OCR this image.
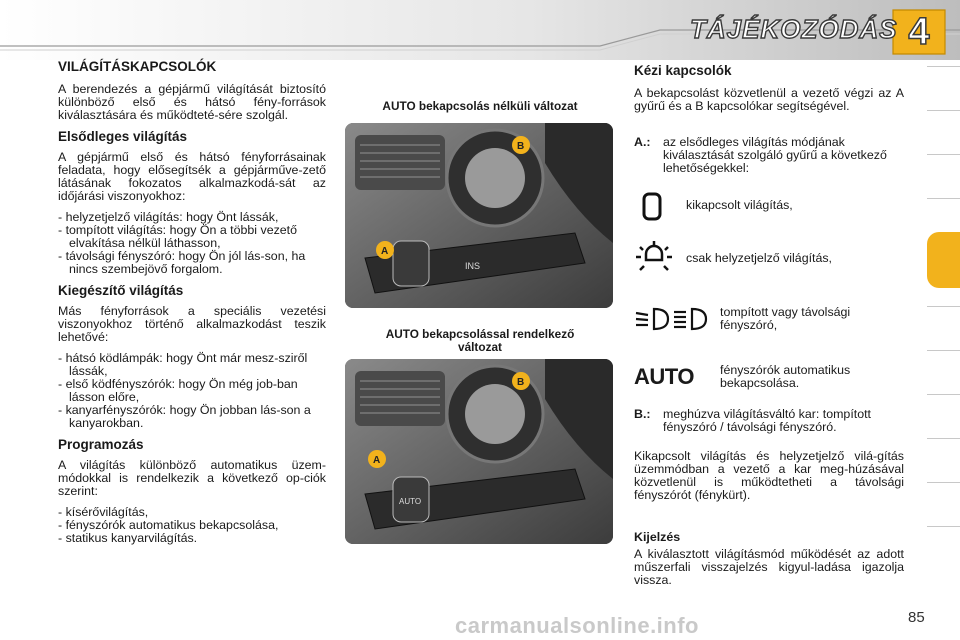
TÁJÉKOZÓDÁS 4
VILÁGÍTÁSKAPCSOLÓK

A berendezés a gépjármű világítását biztosító különböző első és hátsó fény-források kiválasztására és működteté-sére szolgál.

Elsődleges világítás

A gépjármű első és hátsó fényforrásainak feladata, hogy elősegítsék a gépjárműve-zető látásának fokozatos alkalmazkodá-sát az időjárási viszonyokhoz:

- helyzetjelző világítás: hogy Önt lássák,
- tompított világítás: hogy Ön a többi vezető elvakítása nélkül láthasson,
- távolsági fényszóró: hogy Ön jól lás-son, ha nincs szembejövő forgalom.
Kiegészítő világítás

Más fényforrások a speciális vezetési viszonyokhoz történő alkalmazkodást teszik lehetővé:

- hátsó ködlámpák: hogy Önt már mesz-sziről lássák,
- első ködfényszórók: hogy Ön még job-ban lásson előre,
- kanyarfényszórók: hogy Ön jobban lás-son a kanyarokban.
Programozás

A világítás különböző automatikus üzem-módokkal is rendelkezik a következő op-ciók szerint:

- kísérővilágítás,
- fényszórók automatikus bekapcsolása,
- statikus kanyarvilágítás.
AUTO bekapcsolás nélküli változat
AUTO bekapcsolással rendelkező
változat
A
B
INS
A
B
AUTO
Kézi kapcsolók

A bekapcsolást közvetlenül a vezető végzi az A gyűrű és a B kapcsolókar segítségével.

A.: az elsődleges világítás módjának kiválasztását szolgáló gyűrű a következő lehetőségekkel:
kikapcsolt világítás,
csak helyzetjelző világítás,
tompított vagy távolsági fényszóró,
AUTO	fényszórók automatikus bekapcsolása.
B.: meghúzva világításváltó kar: tompított fényszóró / távolsági fényszóró.
Kikapcsolt világítás és helyzetjelző vilá-gítás üzemmódban a vezető a kar meg-húzásával közvetlenül is működtetheti a távolsági fényszórót (fénykürt).
Kijelzés
A kiválasztott világításmód működését az adott műszerfali visszajelzés kigyul-ladása igazolja vissza.
carmanualsonline.info	85
